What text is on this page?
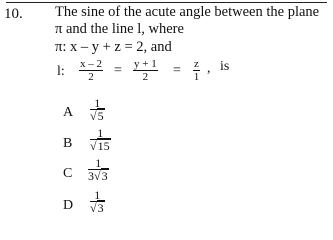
10. The sine of the acute angle between the plane
π and the line l, where
π: x – y + z = 2, and
l: $\frac{x - 2}{2} = \frac{y + 1}{2} = \frac{z}{1}$ , is
A $\frac{1}{√5}$
B $\frac{1}{√15}$
C $\frac{1}{3√3}$
D $\frac{1}{√3}$
